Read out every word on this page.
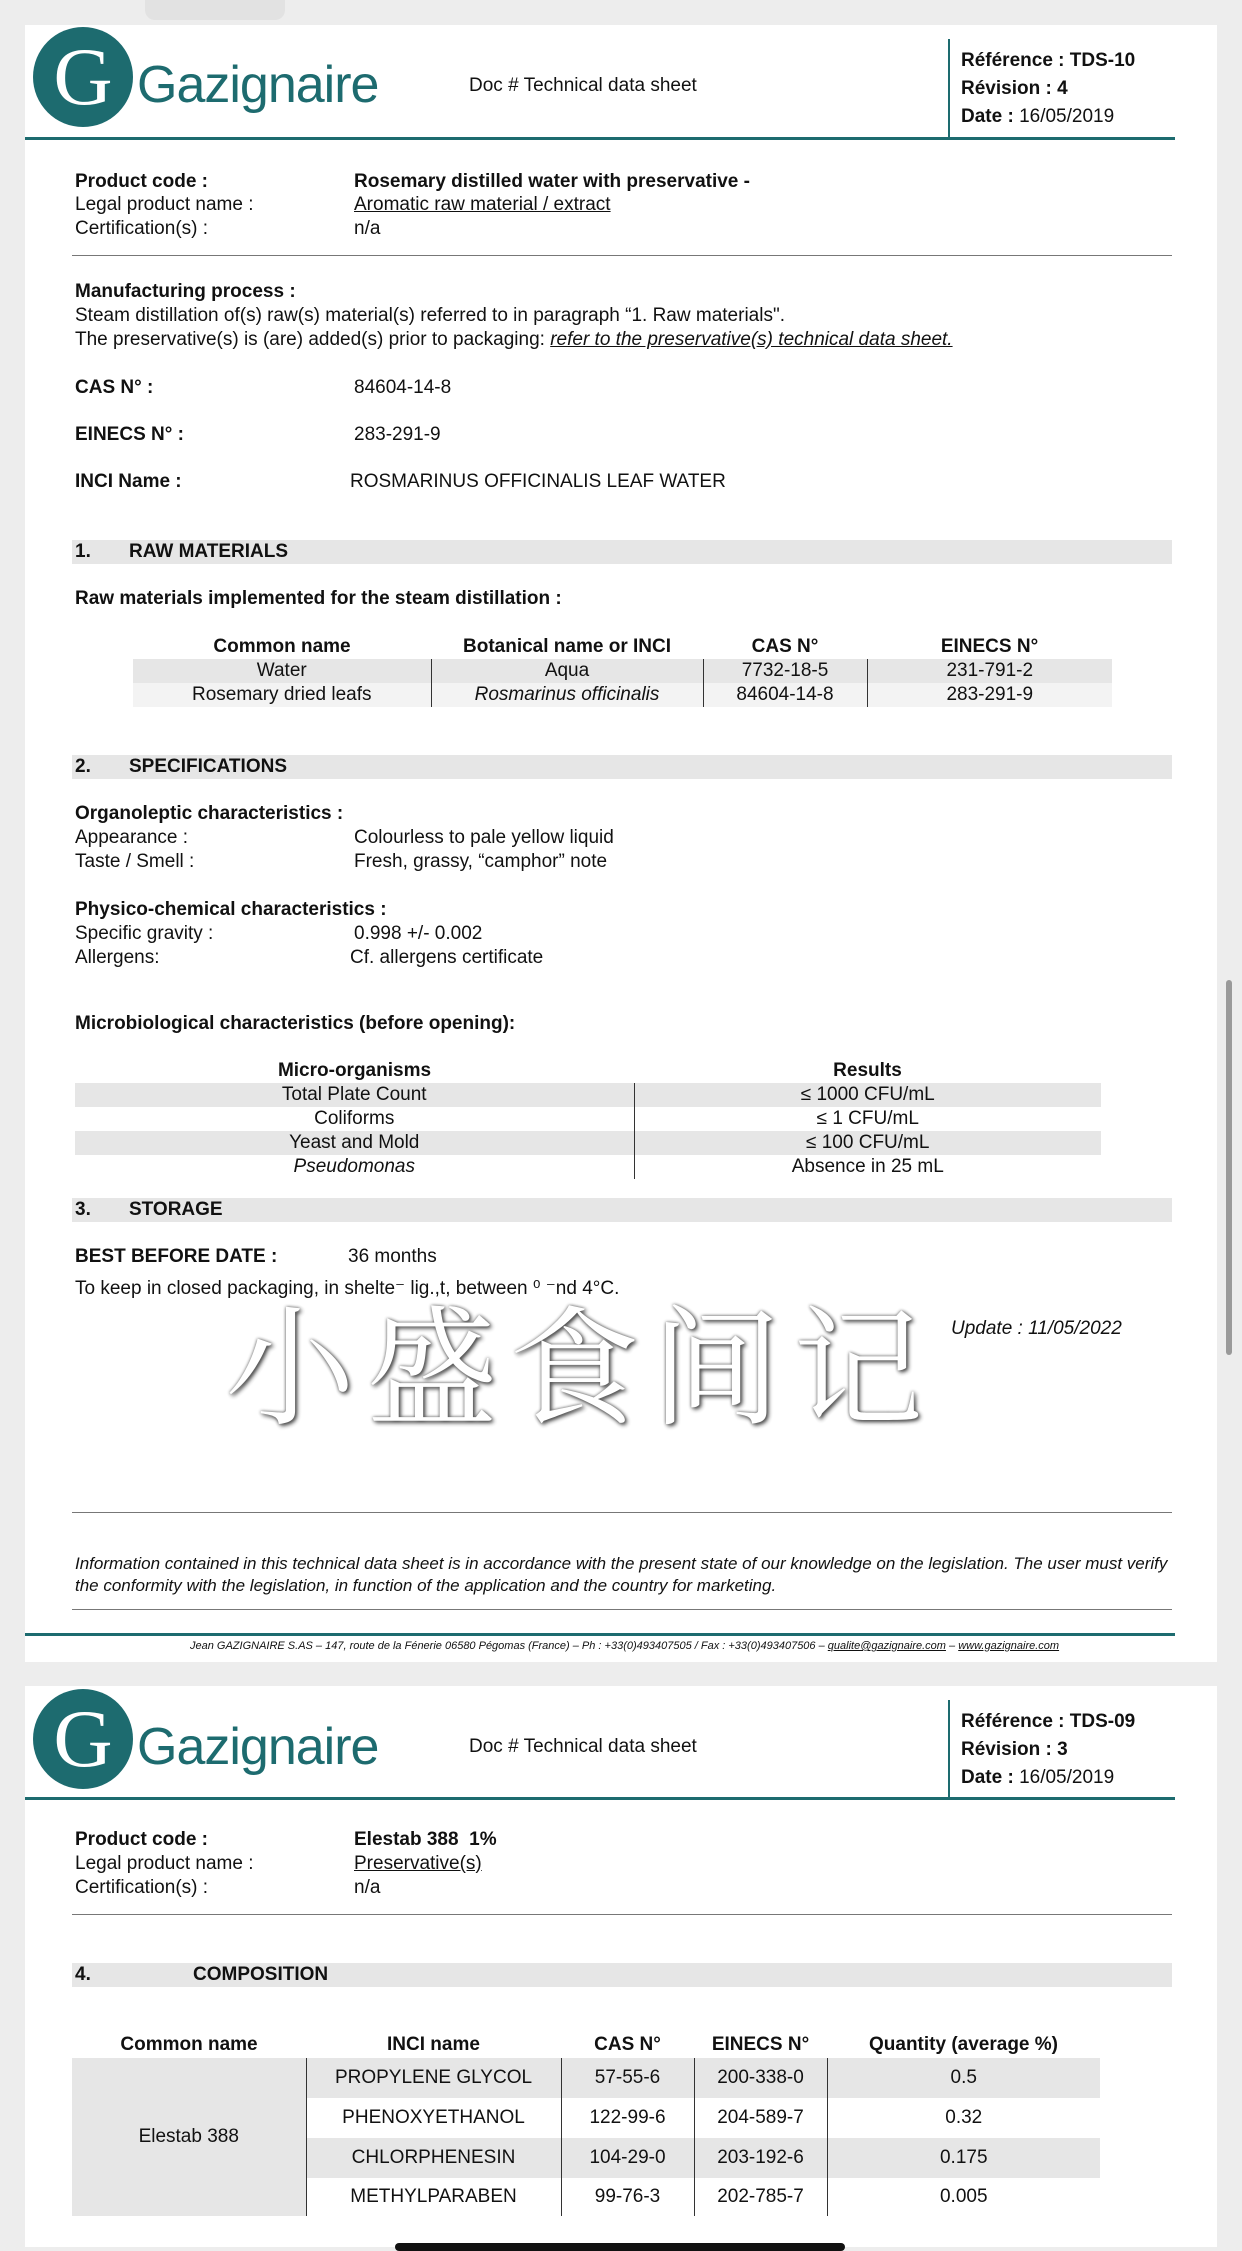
G Gazignaire	Doc # Technical data sheet
Référence : TDS-10
Révision : 4
Date : 16/05/2019
Product code :	Rosemary distilled water with preservative -
Legal product name :	Aromatic raw material / extract
Certification(s) :	n/a
Manufacturing process :
Steam distillation of(s) raw(s) material(s) referred to in paragraph “1. Raw materials".
The preservative(s) is (are) added(s) prior to packaging: refer to the preservative(s) technical data sheet.
CAS N° :	84604-14-8
EINECS N° :	283-291-9
INCI Name :	ROSMARINUS OFFICINALIS LEAF WATER
1. RAW MATERIALS
Raw materials implemented for the steam distillation :
Common name	Botanical name or INCI	CAS N°	EINECS N°
Water	Aqua	7732-18-5	231-791-2
Rosemary dried leafs	Rosmarinus officinalis	84604-14-8	283-291-9
2. SPECIFICATIONS
Organoleptic characteristics :
Appearance :	Colourless to pale yellow liquid
Taste / Smell :	Fresh, grassy, “camphor” note
Physico-chemical characteristics :
Specific gravity :	0.998 +/- 0.002
Allergens:	Cf. allergens certificate
Microbiological characteristics (before opening):
Micro-organisms	Results
Total Plate Count	≤ 1000 CFU/mL
Coliforms	≤ 1 CFU/mL
Yeast and Mold	≤ 100 CFU/mL
Pseudomonas	Absence in 25 mL
3. STORAGE
BEST BEFORE DATE :	36 months
To keep in closed packaging, in shelte⁻ lig.,t, between ⁰ ⁻nd 4°C.
Update : 11/05/2022
Information contained in this technical data sheet is in accordance with the present state of our knowledge on the legislation. The user must verify the conformity with the legislation, in function of the application and the country for marketing.
Jean GAZIGNAIRE S.AS – 147, route de la Fénerie 06580 Pégomas (France) – Ph : +33(0)493407505 / Fax : +33(0)493407506 – qualite@gazignaire.com – www.gazignaire.com
G Gazignaire	Doc # Technical data sheet
Référence : TDS-09
Révision : 3
Date : 16/05/2019
Product code :	Elestab 388  1%
Legal product name :	Preservative(s)
Certification(s) :	n/a
4.	COMPOSITION
Common name	INCI name	CAS N°	EINECS N°	Quantity (average %)
Elestab 388	PROPYLENE GLYCOL	57-55-6	200-338-0	0.5
	PHENOXYETHANOL	122-99-6	204-589-7	0.32
	CHLORPHENESIN	104-29-0	203-192-6	0.175
	METHYLPARABEN	99-76-3	202-785-7	0.005
小盛食间记
